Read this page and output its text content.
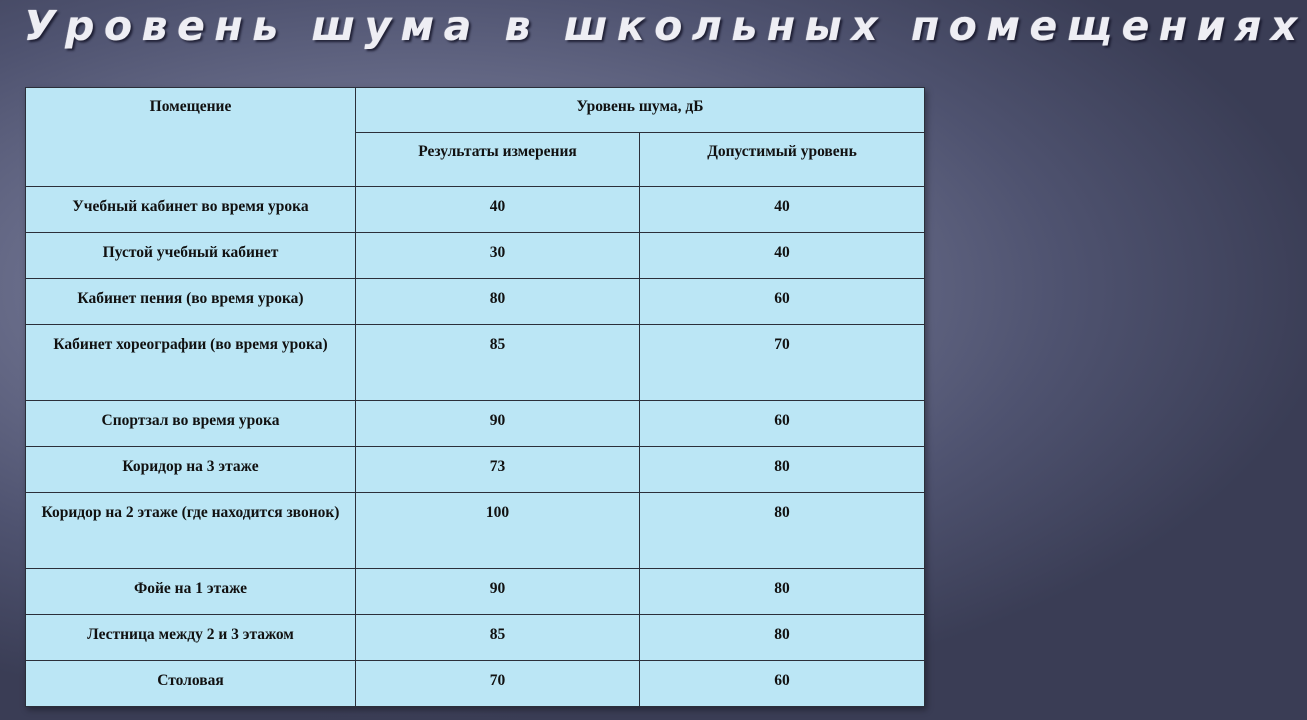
Уровень шума в школьных помещениях
Помещение	Уровень шума, дБ	
	Результаты измерения	Допустимый уровень
Учебный кабинет во время урока	40	40
Пустой учебный кабинет	30	40
Кабинет пения (во время урока)	80	60
Кабинет хореографии (во время урока)	85	70
Спортзал во время урока	90	60
Коридор на 3 этаже	73	80
Коридор на 2 этаже (где находится звонок)	100	80
Фойе на 1 этаже	90	80
Лестница между 2 и 3 этажом	85	80
Столовая	70	60
